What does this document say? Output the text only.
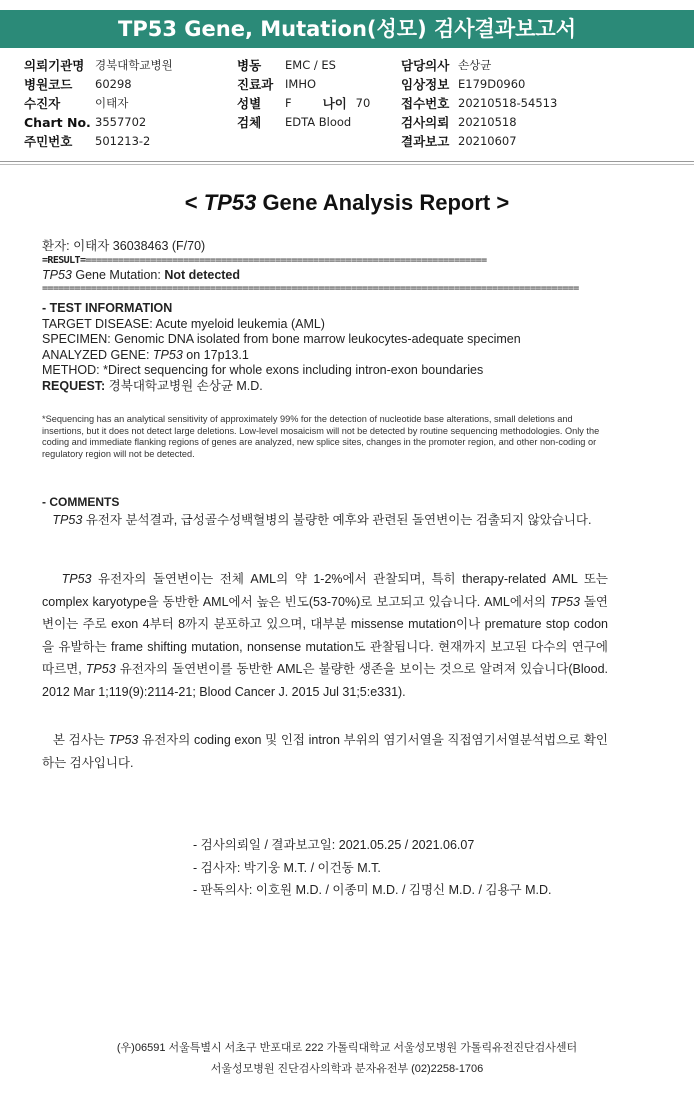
TP53 Gene, Mutation(성모) 검사결과보고서
의뢰기관명 경북대학교병원
병원코드	60298
수진자	이태자
Chart No. 3557702
주민번호	501213-2
병동	EMC / ES
진료과	IMHO
성별	F 나이 70
검체	EDTA Blood
담당의사 손상균
임상정보 E179D0960
접수번호 20210518-54513
검사의뢰 20210518
결과보고 20210607
< TP53 Gene Analysis Report >
환자: 이태자 36038463 (F/70)
=RESULT===========================================================================
TP53 Gene Mutation: Not detected
===================================================================================================
- TEST INFORMATION
TARGET DISEASE: Acute myeloid leukemia (AML)
SPECIMEN: Genomic DNA isolated from bone marrow leukocytes-adequate specimen
ANALYZED GENE: TP53 on 17p13.1
METHOD: *Direct sequencing for whole exons including intron-exon boundaries
REQUEST: 경북대학교병원 손상균 M.D.
*Sequencing has an analytical sensitivity of approximately 99% for the detection of nucleotide base alterations, small deletions and insertions, but it does not detect large deletions. Low-level mosaicism will not be detected by routine sequencing methodologies. Only the coding and immediate flanking regions of genes are analyzed, new splice sites, changes in the promoter region, and other non-coding or regulatory region will not be detected.
- COMMENTS
TP53 유전자 분석결과, 급성골수성백혈병의 불량한 예후와 관련된 돌연변이는 검출되지 않았습니다.
TP53 유전자의 돌연변이는 전체 AML의 약 1-2%에서 관찰되며, 특히 therapy-related AML 또는 complex karyotype을 동반한 AML에서 높은 빈도(53-70%)로 보고되고 있습니다. AML에서의 TP53 돌연변이는 주로 exon 4부터 8까지 분포하고 있으며, 대부분 missense mutation이나 premature stop codon을 유발하는 frame shifting mutation, nonsense mutation도 관찰됩니다. 현재까지 보고된 다수의 연구에 따르면, TP53 유전자의 돌연변이를 동반한 AML은 불량한 생존을 보이는 것으로 알려져 있습니다(Blood. 2012 Mar 1;119(9):2114-21; Blood Cancer J. 2015 Jul 31;5:e331).
본 검사는 TP53 유전자의 coding exon 및 인접 intron 부위의 염기서열을 직접염기서열분석법으로 확인하는 검사입니다.
- 검사의뢰일 / 결과보고일: 2021.05.25 / 2021.06.07
- 검사자: 박기웅 M.T. / 이건동 M.T.
- 판독의사: 이호원 M.D. / 이종미 M.D. / 김명신 M.D. / 김용구 M.D.
(우)06591 서울특별시 서초구 반포대로 222 가톨릭대학교 서울성모병원 가톨릭유전진단검사센터
서울성모병원 진단검사의학과 분자유전부 (02)2258-1706
